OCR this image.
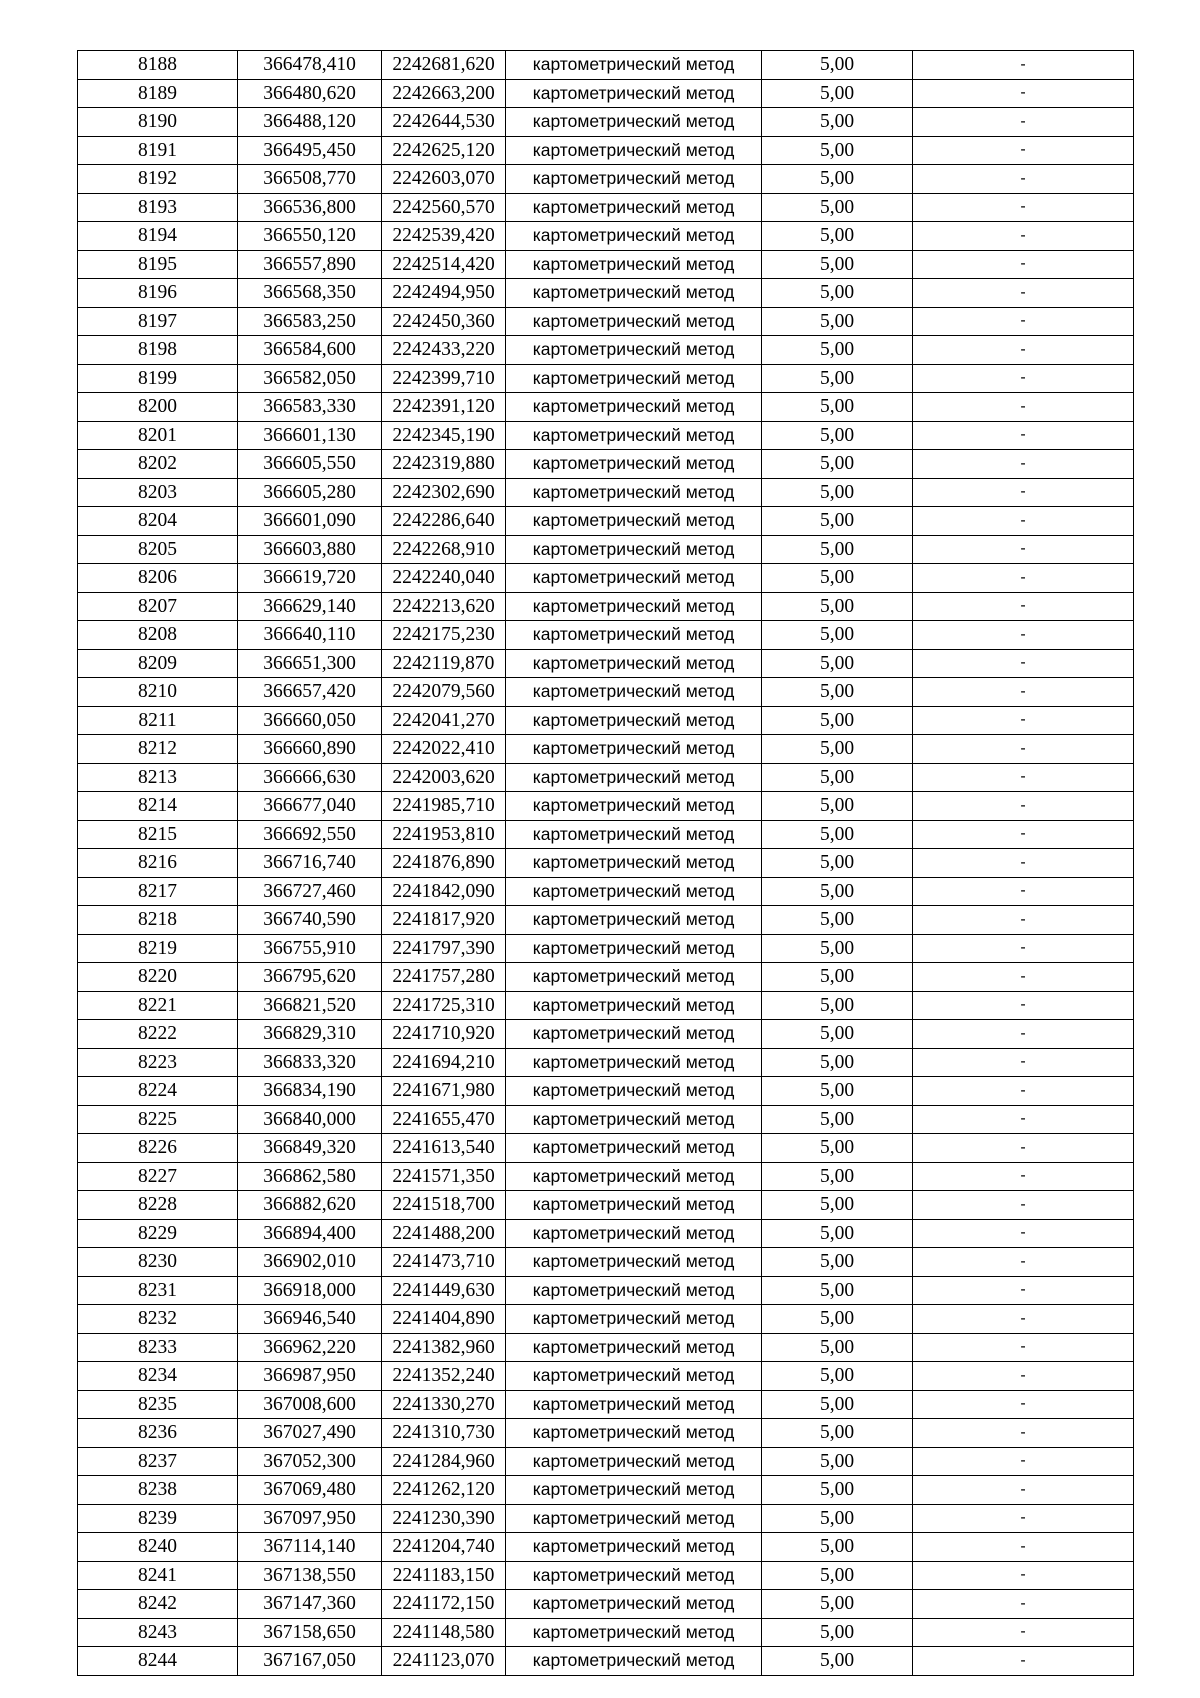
8188	366478,410	2242681,620	картометрический метод	5,00	-
8189	366480,620	2242663,200	картометрический метод	5,00	-
8190	366488,120	2242644,530	картометрический метод	5,00	-
8191	366495,450	2242625,120	картометрический метод	5,00	-
8192	366508,770	2242603,070	картометрический метод	5,00	-
8193	366536,800	2242560,570	картометрический метод	5,00	-
8194	366550,120	2242539,420	картометрический метод	5,00	-
8195	366557,890	2242514,420	картометрический метод	5,00	-
8196	366568,350	2242494,950	картометрический метод	5,00	-
8197	366583,250	2242450,360	картометрический метод	5,00	-
8198	366584,600	2242433,220	картометрический метод	5,00	-
8199	366582,050	2242399,710	картометрический метод	5,00	-
8200	366583,330	2242391,120	картометрический метод	5,00	-
8201	366601,130	2242345,190	картометрический метод	5,00	-
8202	366605,550	2242319,880	картометрический метод	5,00	-
8203	366605,280	2242302,690	картометрический метод	5,00	-
8204	366601,090	2242286,640	картометрический метод	5,00	-
8205	366603,880	2242268,910	картометрический метод	5,00	-
8206	366619,720	2242240,040	картометрический метод	5,00	-
8207	366629,140	2242213,620	картометрический метод	5,00	-
8208	366640,110	2242175,230	картометрический метод	5,00	-
8209	366651,300	2242119,870	картометрический метод	5,00	-
8210	366657,420	2242079,560	картометрический метод	5,00	-
8211	366660,050	2242041,270	картометрический метод	5,00	-
8212	366660,890	2242022,410	картометрический метод	5,00	-
8213	366666,630	2242003,620	картометрический метод	5,00	-
8214	366677,040	2241985,710	картометрический метод	5,00	-
8215	366692,550	2241953,810	картометрический метод	5,00	-
8216	366716,740	2241876,890	картометрический метод	5,00	-
8217	366727,460	2241842,090	картометрический метод	5,00	-
8218	366740,590	2241817,920	картометрический метод	5,00	-
8219	366755,910	2241797,390	картометрический метод	5,00	-
8220	366795,620	2241757,280	картометрический метод	5,00	-
8221	366821,520	2241725,310	картометрический метод	5,00	-
8222	366829,310	2241710,920	картометрический метод	5,00	-
8223	366833,320	2241694,210	картометрический метод	5,00	-
8224	366834,190	2241671,980	картометрический метод	5,00	-
8225	366840,000	2241655,470	картометрический метод	5,00	-
8226	366849,320	2241613,540	картометрический метод	5,00	-
8227	366862,580	2241571,350	картометрический метод	5,00	-
8228	366882,620	2241518,700	картометрический метод	5,00	-
8229	366894,400	2241488,200	картометрический метод	5,00	-
8230	366902,010	2241473,710	картометрический метод	5,00	-
8231	366918,000	2241449,630	картометрический метод	5,00	-
8232	366946,540	2241404,890	картометрический метод	5,00	-
8233	366962,220	2241382,960	картометрический метод	5,00	-
8234	366987,950	2241352,240	картометрический метод	5,00	-
8235	367008,600	2241330,270	картометрический метод	5,00	-
8236	367027,490	2241310,730	картометрический метод	5,00	-
8237	367052,300	2241284,960	картометрический метод	5,00	-
8238	367069,480	2241262,120	картометрический метод	5,00	-
8239	367097,950	2241230,390	картометрический метод	5,00	-
8240	367114,140	2241204,740	картометрический метод	5,00	-
8241	367138,550	2241183,150	картометрический метод	5,00	-
8242	367147,360	2241172,150	картометрический метод	5,00	-
8243	367158,650	2241148,580	картометрический метод	5,00	-
8244	367167,050	2241123,070	картометрический метод	5,00	-
